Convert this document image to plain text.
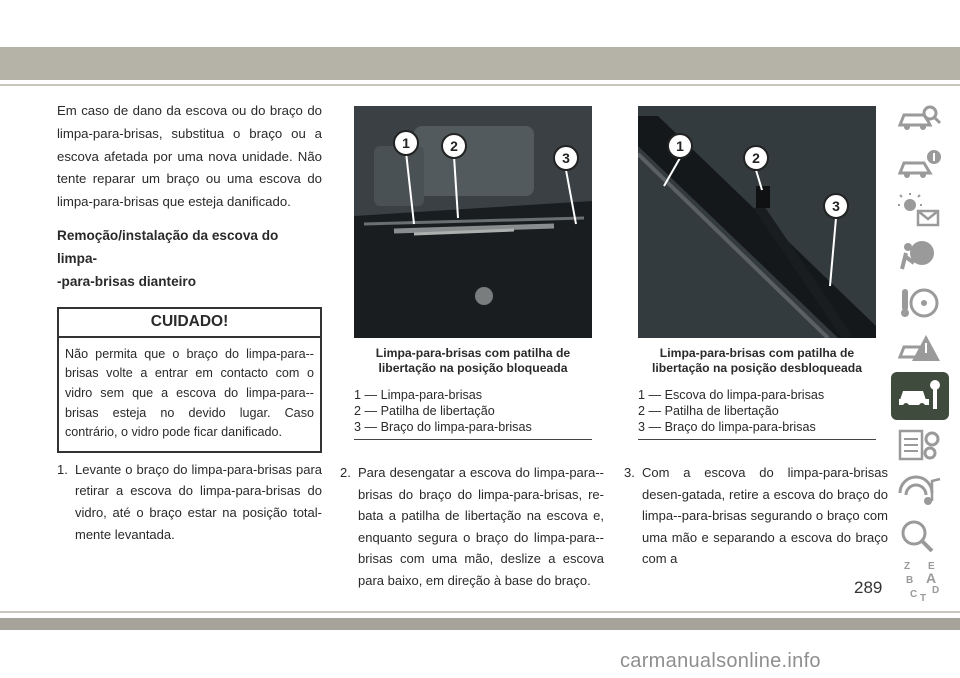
Em caso de dano da escova ou do braço do limpa-para-brisas, substitua o braço ou a escova afetada por uma nova unidade. Não tente reparar um braço ou uma escova do limpa-para-brisas que esteja danificado.

Remoção/instalação da escova do limpa-
-para-brisas dianteiro
CUIDADO!
Não permita que o braço do limpa-para--brisas volte a entrar em contacto com o vidro sem que a escova do limpa-para--brisas esteja no devido lugar. Caso contrário, o vidro pode ficar danificado.
1. Levante o braço do limpa-para-brisas para retirar a escova do limpa-para-brisas do vidro, até o braço estar na posição total-mente levantada.
1	2
3
Limpa-para-brisas com patilha de
libertação na posição bloqueada
1 — Limpa-para-brisas
2 — Patilha de libertação
3 — Braço do limpa-para-brisas
1
2
3
Limpa-para-brisas com patilha de
libertação na posição desbloqueada
1 — Escova do limpa-para-brisas
2 — Patilha de libertação
3 — Braço do limpa-para-brisas
2. Para desengatar a escova do limpa-para--brisas do braço do limpa-para-brisas, re-bata a patilha de libertação na escova e, enquanto segura o braço do limpa-para--brisas com uma mão, deslize a escova para baixo, em direção à base do braço.
3. Com a escova do limpa-para-brisas desen-gatada, retire a escova do braço do limpa--para-brisas segurando o braço com uma mão e separando a escova do braço com a
Z E
B A
C D
T
289
carmanualsonline.info
